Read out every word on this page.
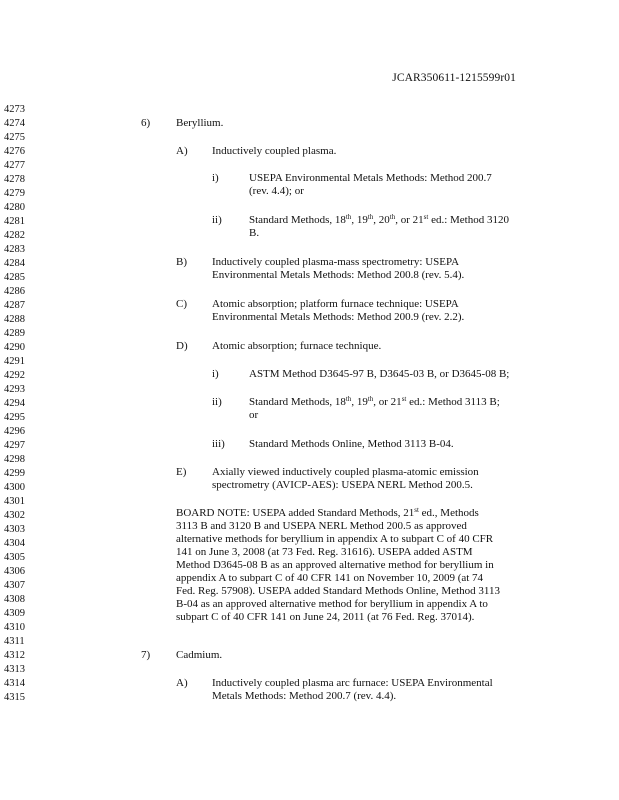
JCAR350611-1215599r01
4273
4274
4275
4276
4277
4278
4279
4280
4281
4282
4283
4284
4285
4286
4287
4288
4289
4290
4291
4292
4293
4294
4295
4296
4297
4298
4299
4300
4301
4302
4303
4304
4305
4306
4307
4308
4309
4310
4311
4312
4313
4314
4315
6) Beryllium.
A) Inductively coupled plasma.
i)	USEPA Environmental Metals Methods: Method 200.7
(rev. 4.4); or
ii) Standard Methods, 18th, 19th, 20th, or 21st ed.: Method 3120
B.
B) Inductively coupled plasma-mass spectrometry: USEPA
Environmental Metals Methods: Method 200.8 (rev. 5.4).
C) Atomic absorption; platform furnace technique: USEPA
Environmental Metals Methods: Method 200.9 (rev. 2.2).
D) Atomic absorption; furnace technique.
i)	ASTM Method D3645-97 B, D3645-03 B, or D3645-08 B;
ii) Standard Methods, 18th, 19th, or 21st ed.: Method 3113 B;
or
iii) Standard Methods Online, Method 3113 B-04.
E) Axially viewed inductively coupled plasma-atomic emission
spectrometry (AVICP-AES): USEPA NERL Method 200.5.
BOARD NOTE: USEPA added Standard Methods, 21st ed., Methods
3113 B and 3120 B and USEPA NERL Method 200.5 as approved
alternative methods for beryllium in appendix A to subpart C of 40 CFR
141 on June 3, 2008 (at 73 Fed. Reg. 31616). USEPA added ASTM
Method D3645-08 B as an approved alternative method for beryllium in
appendix A to subpart C of 40 CFR 141 on November 10, 2009 (at 74
Fed. Reg. 57908). USEPA added Standard Methods Online, Method 3113
B-04 as an approved alternative method for beryllium in appendix A to
subpart C of 40 CFR 141 on June 24, 2011 (at 76 Fed. Reg. 37014).
7) Cadmium.
A) Inductively coupled plasma arc furnace: USEPA Environmental
Metals Methods: Method 200.7 (rev. 4.4).
